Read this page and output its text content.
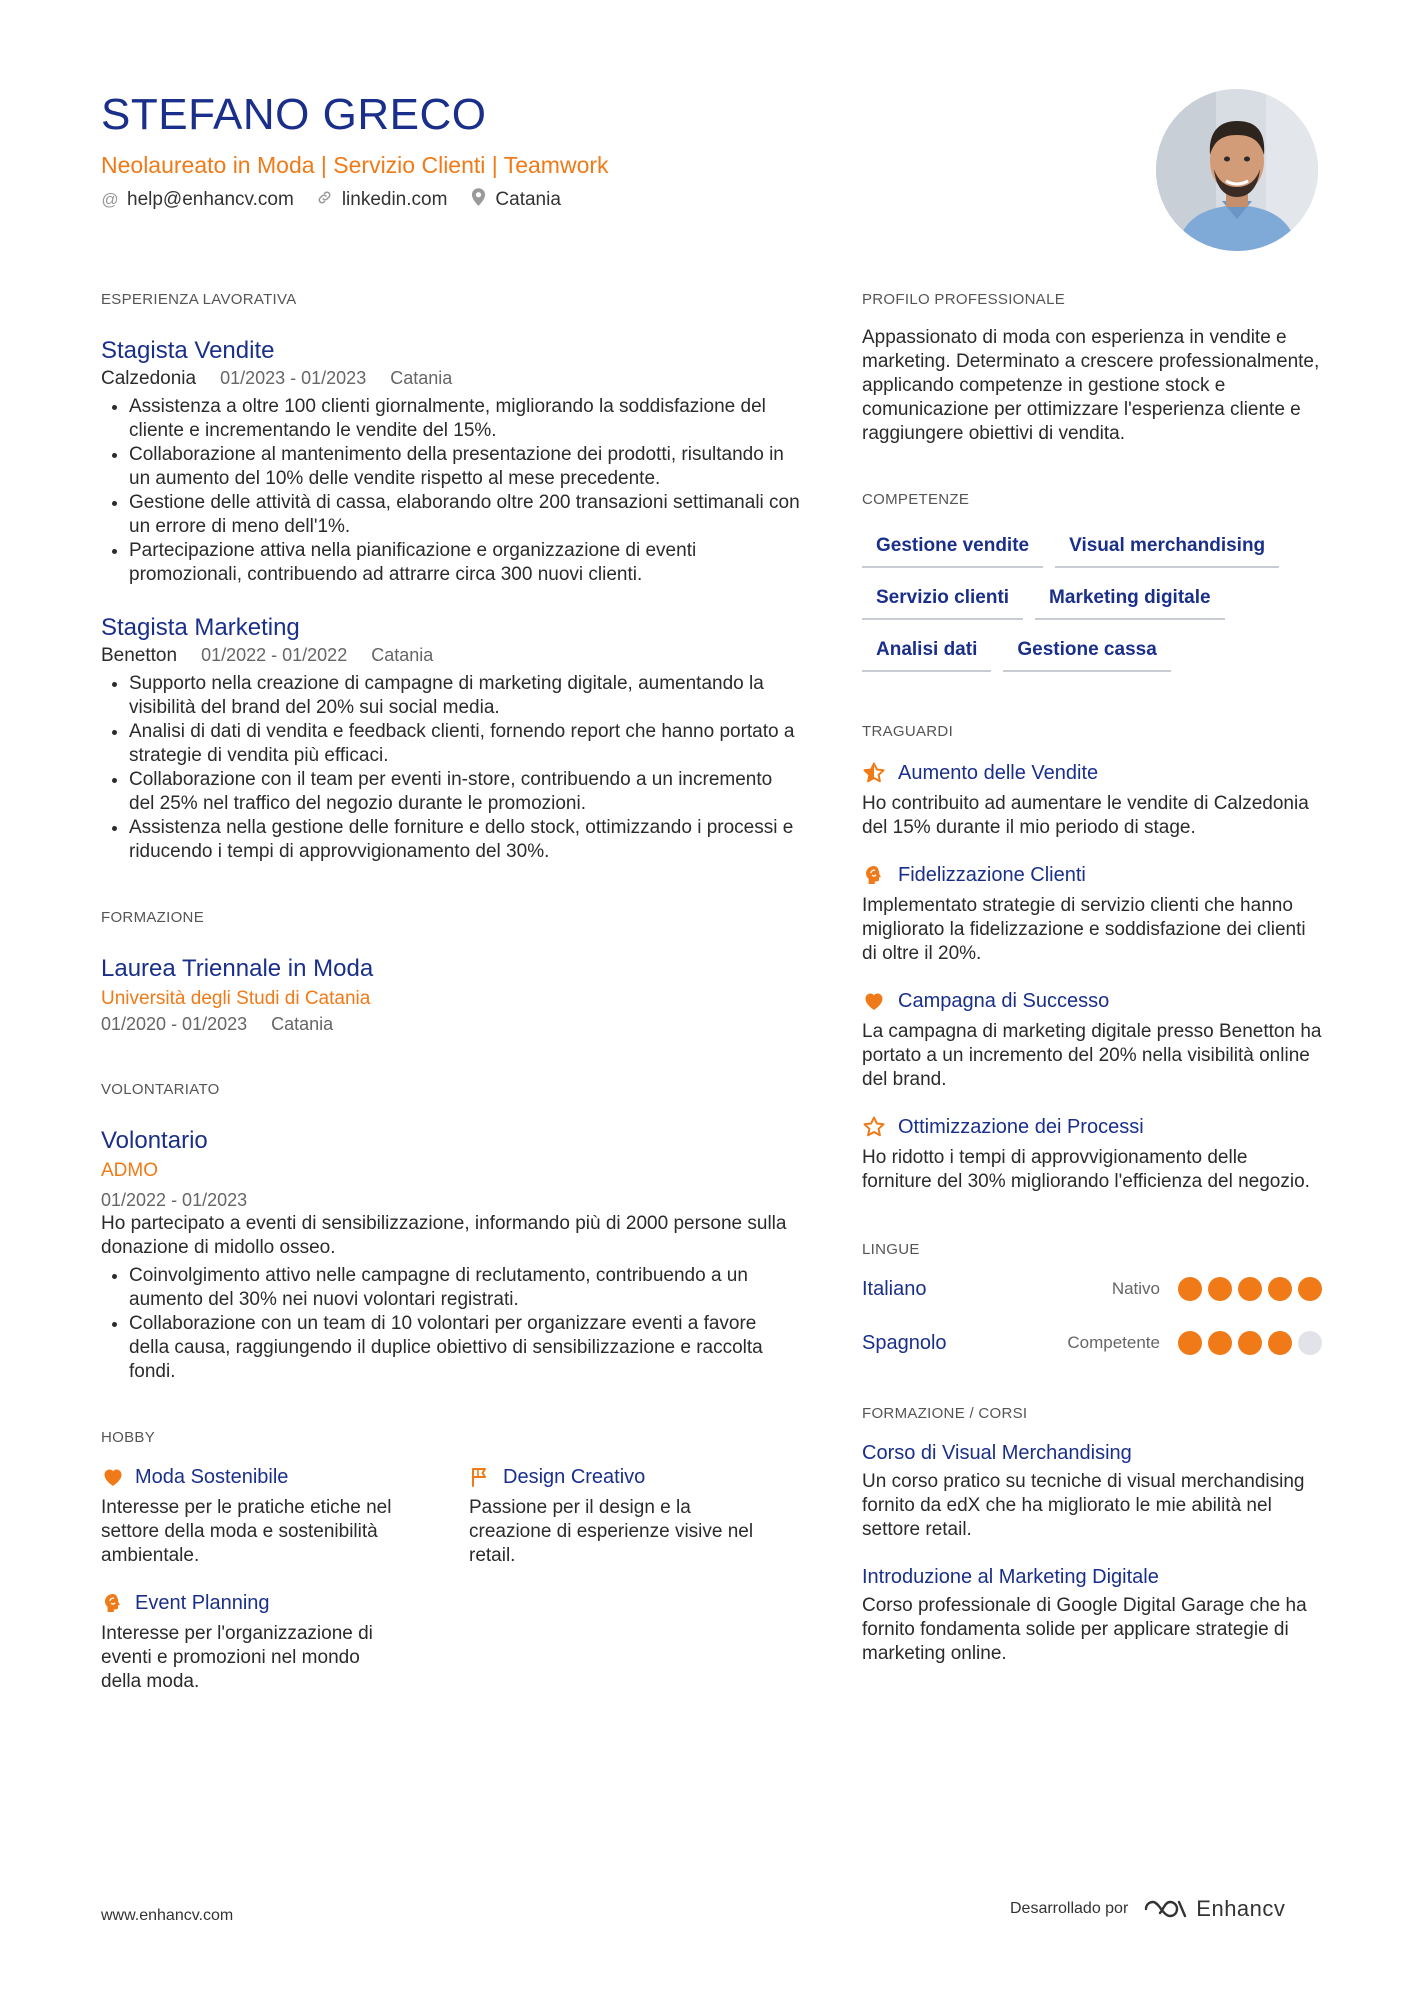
STEFANO GRECO
Neolaureato in Moda | Servizio Clienti | Teamwork
@ help@enhancv.com	linkedin.com	Catania
ESPERIENZA LAVORATIVA
Stagista Vendite
Calzedonia 01/2023 - 01/2023 Catania
• Assistenza a oltre 100 clienti giornalmente, migliorando la soddisfazione del cliente e incrementando le vendite del 15%.
• Collaborazione al mantenimento della presentazione dei prodotti, risultando in un aumento del 10% delle vendite rispetto al mese precedente.
• Gestione delle attività di cassa, elaborando oltre 200 transazioni settimanali con un errore di meno dell'1%.
• Partecipazione attiva nella pianificazione e organizzazione di eventi promozionali, contribuendo ad attrarre circa 300 nuovi clienti.
Stagista Marketing
Benetton 01/2022 - 01/2022 Catania
• Supporto nella creazione di campagne di marketing digitale, aumentando la visibilità del brand del 20% sui social media.
• Analisi di dati di vendita e feedback clienti, fornendo report che hanno portato a strategie di vendita più efficaci.
• Collaborazione con il team per eventi in-store, contribuendo a un incremento del 25% nel traffico del negozio durante le promozioni.
• Assistenza nella gestione delle forniture e dello stock, ottimizzando i processi e riducendo i tempi di approvvigionamento del 30%.
FORMAZIONE
Laurea Triennale in Moda
Università degli Studi di Catania
01/2020 - 01/2023 Catania
VOLONTARIATO
Volontario
ADMO
01/2022 - 01/2023
Ho partecipato a eventi di sensibilizzazione, informando più di 2000 persone sulla donazione di midollo osseo.
• Coinvolgimento attivo nelle campagne di reclutamento, contribuendo a un aumento del 30% nei nuovi volontari registrati.
• Collaborazione con un team di 10 volontari per organizzare eventi a favore della causa, raggiungendo il duplice obiettivo di sensibilizzazione e raccolta fondi.
HOBBY
Moda Sostenibile
Interesse per le pratiche etiche nel settore della moda e sostenibilità ambientale.
Design Creativo
Passione per il design e la creazione di esperienze visive nel retail.
Event Planning
Interesse per l'organizzazione di eventi e promozioni nel mondo della moda.
PROFILO PROFESSIONALE
Appassionato di moda con esperienza in vendite e marketing. Determinato a crescere professionalmente, applicando competenze in gestione stock e comunicazione per ottimizzare l'esperienza cliente e raggiungere obiettivi di vendita.
COMPETENZE
Gestione vendite	Visual merchandising
Servizio clienti	Marketing digitale
Analisi dati	Gestione cassa
TRAGUARDI
Aumento delle Vendite
Ho contribuito ad aumentare le vendite di Calzedonia del 15% durante il mio periodo di stage.
Fidelizzazione Clienti
Implementato strategie di servizio clienti che hanno migliorato la fidelizzazione e soddisfazione dei clienti di oltre il 20%.
Campagna di Successo
La campagna di marketing digitale presso Benetton ha portato a un incremento del 20% nella visibilità online del brand.
Ottimizzazione dei Processi
Ho ridotto i tempi di approvvigionamento delle forniture del 30% migliorando l'efficienza del negozio.
LINGUE
Italiano	Nativo
Spagnolo	Competente
FORMAZIONE / CORSI
Corso di Visual Merchandising
Un corso pratico su tecniche di visual merchandising fornito da edX che ha migliorato le mie abilità nel settore retail.
Introduzione al Marketing Digitale
Corso professionale di Google Digital Garage che ha fornito fondamenta solide per applicare strategie di marketing online.
www.enhancv.com	Desarrollado por	Enhancv
